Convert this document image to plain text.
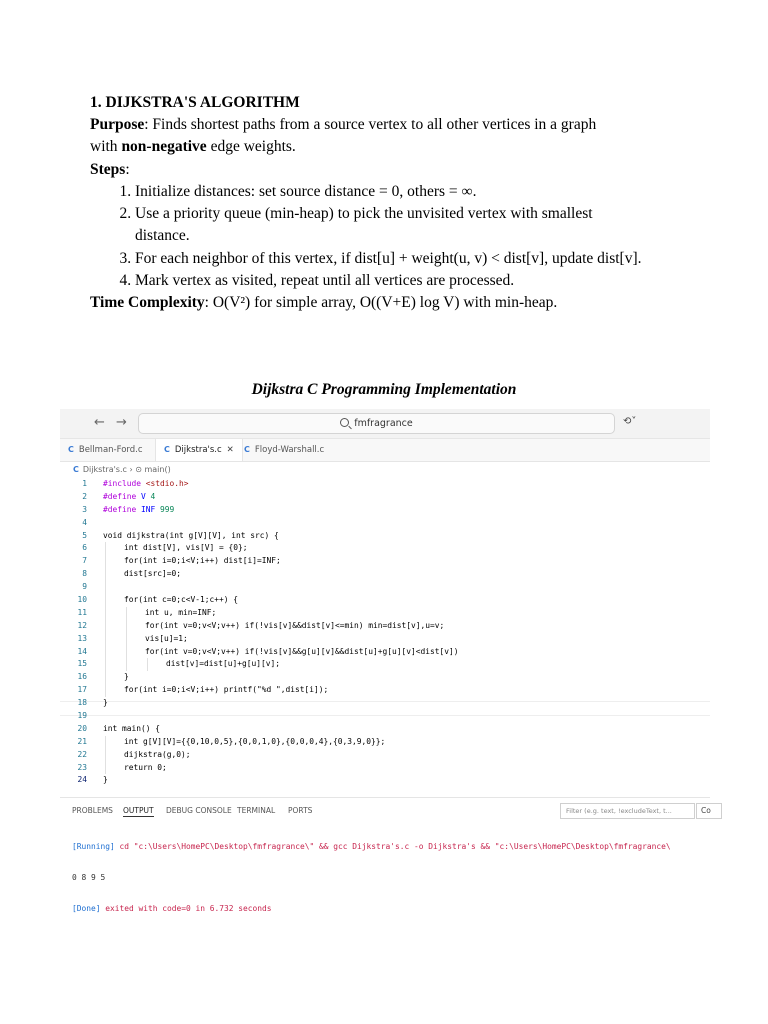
1. DIJKSTRA'S ALGORITHM
Purpose: Finds shortest paths from a source vertex to all other vertices in a graph
with non-negative edge weights.
Steps:
1. Initialize distances: set source distance = 0, others = ∞.
2. Use a priority queue (min-heap) to pick the unvisited vertex with smallest distance.
3. For each neighbor of this vertex, if dist[u] + weight(u, v) < dist[v], update dist[v].
4. Mark vertex as visited, repeat until all vertices are processed.
Time Complexity: O(V²) for simple array, O((V+E) log V) with min-heap.
Dijkstra C Programming Implementation
← →	fmfragrance	⟲˅
C Bellman-Ford.c	C Dijkstra's.c ✕	C Floyd-Warshall.c
C Dijkstra's.c › ⊙ main()
1 #include <stdio.h>
2 #define V 4
3 #define INF 999
4
5 void dijkstra(int g[V][V], int src) {
6	int dist[V], vis[V] = {0};
7	for(int i=0;i<V;i++) dist[i]=INF;
8	dist[src]=0;
9
10	for(int c=0;c<V-1;c++) {
11	int u, min=INF;
12	for(int v=0;v<V;v++) if(!vis[v]&&dist[v]<=min) min=dist[v],u=v;
13	vis[u]=1;
14	for(int v=0;v<V;v++) if(!vis[v]&&g[u][v]&&dist[u]+g[u][v]<dist[v])
15	dist[v]=dist[u]+g[u][v];
16	}
17	for(int i=0;i<V;i++) printf("%d ",dist[i]);
18 }
19
20 int main() {
21	int g[V][V]={{0,10,0,5},{0,0,1,0},{0,0,0,4},{0,3,9,0}};
22	dijkstra(g,0);
23	return 0;
24 }
PROBLEMS OUTPUT DEBUG CONSOLE TERMINAL PORTS	Filter (e.g. text, !excludeText, t...	Co

[Running] cd "c:\Users\HomePC\Desktop\fmfragrance\" && gcc Dijkstra's.c -o Dijkstra's && "c:\Users\HomePC\Desktop\fmfragrance\

0 8 9 5

[Done] exited with code=0 in 6.732 seconds
